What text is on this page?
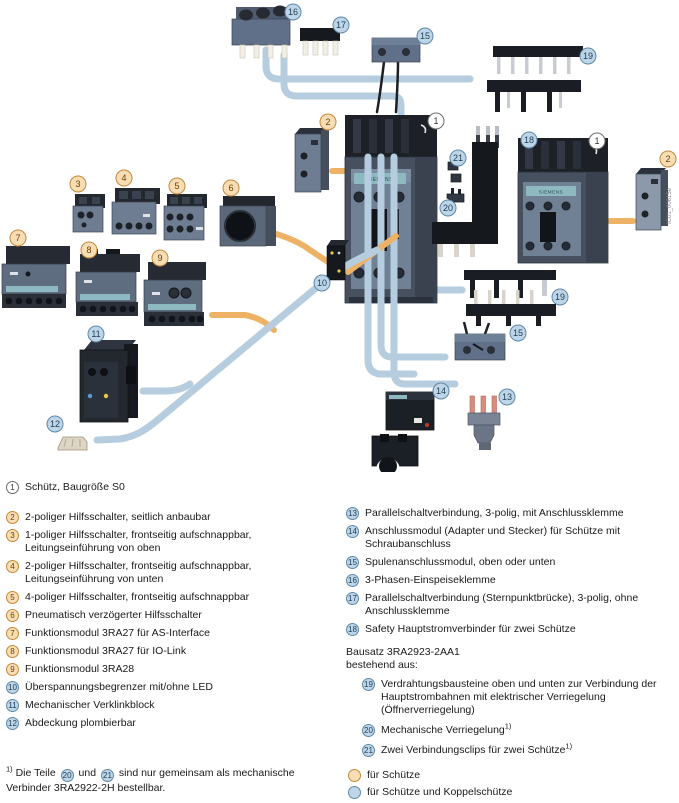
SIEMENS
SIEMENS
16
17
15
19
2	1
21
20
18	1
2
3
4
5	6
7
8
9
10
11
12
19
15
14
13
IC01_00615e
1 Schütz, Baugröße S0
2 2-poliger Hilfsschalter, seitlich anbaubar
3 1-poliger Hilfsschalter, frontseitig aufschnappbar, Leitungseinführung von oben
4 2-poliger Hilfsschalter, frontseitig aufschnappbar, Leitungseinführung von unten
5 4-poliger Hilfsschalter, frontseitig aufschnappbar
6 Pneumatisch verzögerter Hilfsschalter
7 Funktionsmodul 3RA27 für AS-Interface
8 Funktionsmodul 3RA27 für IO-Link
9 Funktionsmodul 3RA28
10 Überspannungsbegrenzer mit/ohne LED
11 Mechanischer Verklinkblock
12 Abdeckung plombierbar
13 Parallelschaltverbindung, 3-polig, mit Anschlussklemme
14 Anschlussmodul (Adapter und Stecker) für Schütze mit Schraubanschluss
15 Spulenanschlussmodul, oben oder unten
16 3-Phasen-Einspeiseklemme
17 Parallelschaltverbindung (Sternpunktbrücke), 3-polig, ohne Anschlussklemme
18 Safety Hauptstromverbinder für zwei Schütze
Bausatz 3RA2923-2AA1
bestehend aus:
19 Verdrahtungsbausteine oben und unten zur Verbindung der Hauptstrombahnen mit elektrischer Verriegelung (Öffnerverriegelung)
20 Mechanische Verriegelung$^{1)}$
21 Zwei Verbindungsclips für zwei Schütze$^{1)}$
für Schütze
für Schütze und Koppelschütze
$^{1)}$ Die Teile 20 und 21 sind nur gemeinsam als mechanische Verbinder 3RA2922-2H bestellbar.
